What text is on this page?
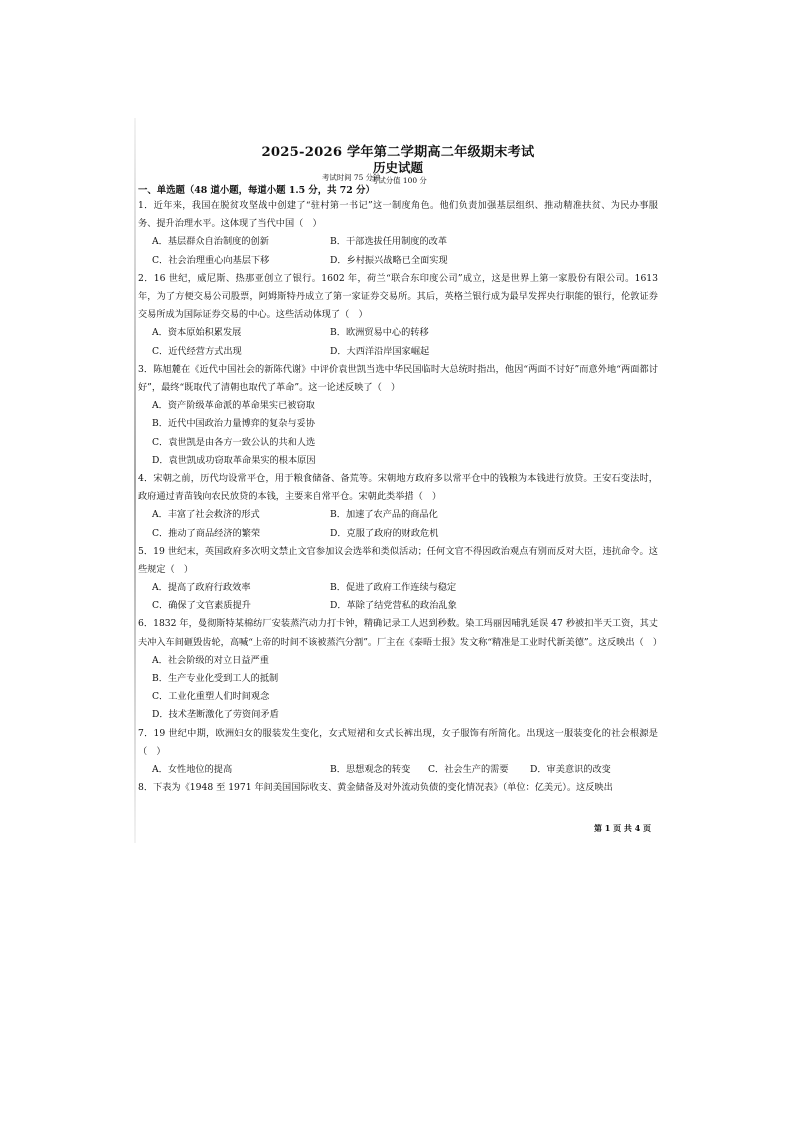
2025-2026 学年第二学期高二年级期末考试
历史试题
考试时间 75 分钟
考试分值 100 分
一、单选题（48 道小题，每道小题 1.5 分，共 72 分）
1．近年来，我国在脱贫攻坚战中创建了“驻村第一书记”这一制度角色。他们负责加强基层组织、推动精准扶贫、为民办事服务、提升治理水平。这体现了当代中国（　）
A．基层群众自治制度的创新	B．干部选拔任用制度的改革
C．社会治理重心向基层下移	D．乡村振兴战略已全面实现
2．16 世纪，威尼斯、热那亚创立了银行。1602 年，荷兰“联合东印度公司”成立，这是世界上第一家股份有限公司。1613 年，为了方便交易公司股票，阿姆斯特丹成立了第一家证券交易所。其后，英格兰银行成为最早发挥央行职能的银行，伦敦证券交易所成为国际证券交易的中心。这些活动体现了（　）
A．资本原始积累发展	B．欧洲贸易中心的转移
C．近代经营方式出现	D．大西洋沿岸国家崛起
3．陈旭麓在《近代中国社会的新陈代谢》中评价袁世凯当选中华民国临时大总统时指出，他因“两面不讨好”而意外地“两面都讨好”，最终“既取代了清朝也取代了革命”。这一论述反映了（　）
A．资产阶级革命派的革命果实已被窃取
B．近代中国政治力量博弈的复杂与妥协
C．袁世凯是由各方一致公认的共和人选
D．袁世凯成功窃取革命果实的根本原因
4．宋朝之前，历代均设常平仓，用于粮食储备、备荒等。宋朝地方政府多以常平仓中的钱粮为本钱进行放贷。王安石变法时，政府通过青苗钱向农民放贷的本钱，主要来自常平仓。宋朝此类举措（　）
A．丰富了社会救济的形式	B．加速了农产品的商品化
C．推动了商品经济的繁荣	D．克服了政府的财政危机
5．19 世纪末，英国政府多次明文禁止文官参加议会选举和类似活动；任何文官不得因政治观点有别而反对大臣，违抗命令。这些规定（　）
A．提高了政府行政效率	B．促进了政府工作连续与稳定
C．确保了文官素质提升	D．革除了结党营私的政治乱象
6．1832 年，曼彻斯特某棉纺厂安装蒸汽动力打卡钟，精确记录工人迟到秒数。染工玛丽因哺乳延误 47 秒被扣半天工资，其丈夫冲入车间砸毁齿轮，高喊“上帝的时间不该被蒸汽分割”。厂主在《泰晤士报》发文称“精准是工业时代新美德”。这反映出（　）
A．社会阶级的对立日益严重
B．生产专业化受到工人的抵制
C．工业化重塑人们时间观念
D．技术垄断激化了劳资间矛盾
7．19 世纪中期，欧洲妇女的服装发生变化，女式短裙和女式长裤出现，女子服饰有所简化。出现这一服装变化的社会根源是（　）
A．女性地位的提高	B．思想观念的转变	C．社会生产的需要	D．审美意识的改变
8．下表为《1948 至 1971 年间美国国际收支、黄金储备及对外流动负债的变化情况表》（单位：亿美元）。这反映出
第 1 页 共 4 页
